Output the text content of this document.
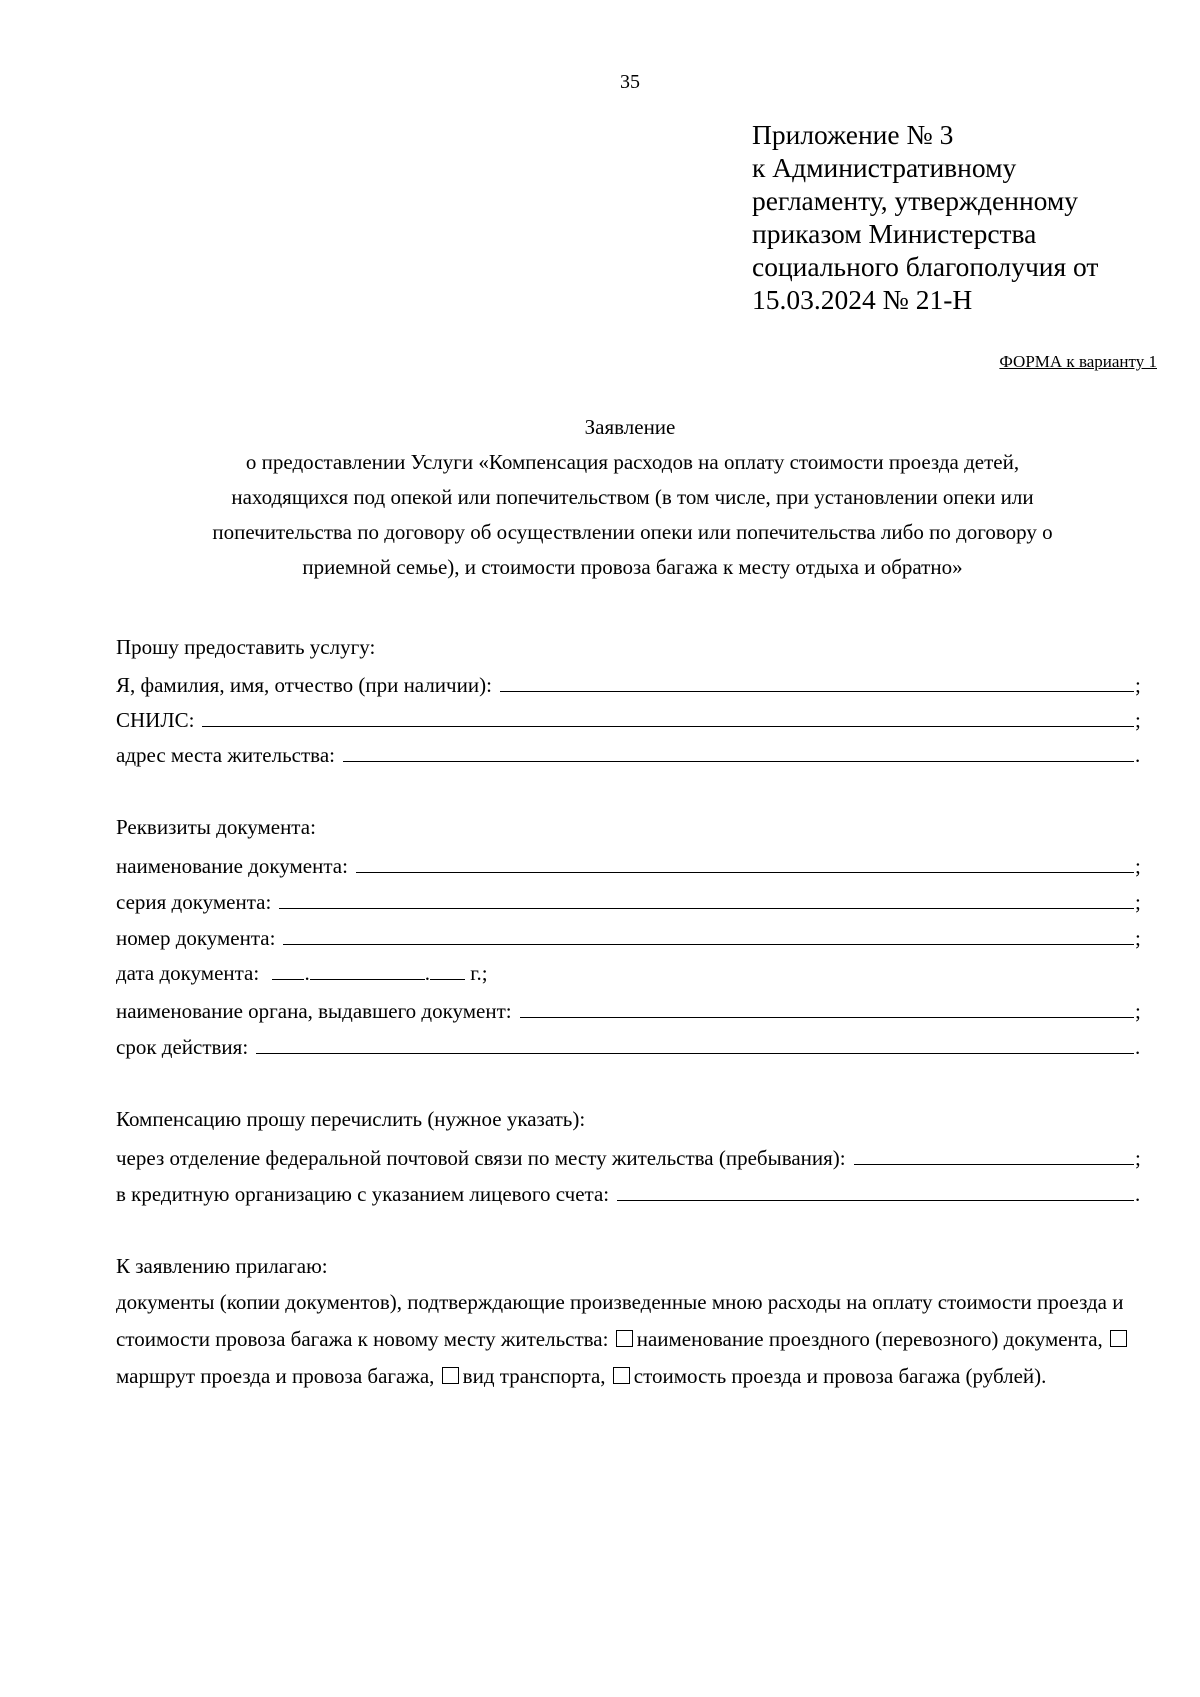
35
Приложение № 3
к Административному
регламенту, утвержденному
приказом Министерства
социального благополучия от
15.03.2024 № 21-Н
ФОРМА к варианту 1
Заявление
о предоставлении Услуги «Компенсация расходов на оплату стоимости проезда детей,
находящихся под опекой или попечительством (в том числе, при установлении опеки или
попечительства по договору об осуществлении опеки или попечительства либо по договору о
приемной семье), и стоимости провоза багажа к месту отдыха и обратно»
Прошу предоставить услугу:
Я, фамилия, имя, отчество (при наличии):	;
СНИЛС:	;
адрес места жительства:	.
Реквизиты документа:
наименование документа:	;
серия документа:	;
номер документа:	;
дата документа: .	. г.;
наименование органа, выдавшего документ:	;
срок действия:	.
Компенсацию прошу перечислить (нужное указать):
через отделение федеральной почтовой связи по месту жительства (пребывания):	;
в кредитную организацию с указанием лицевого счета:	.
К заявлению прилагаю:
документы (копии документов), подтверждающие произведенные мною расходы на оплату стоимости проезда и стоимости провоза багажа к новому месту жительства: наименование проездного (перевозного) документа, маршрут проезда и провоза багажа, вид транспорта, стоимость проезда и провоза багажа (рублей).
